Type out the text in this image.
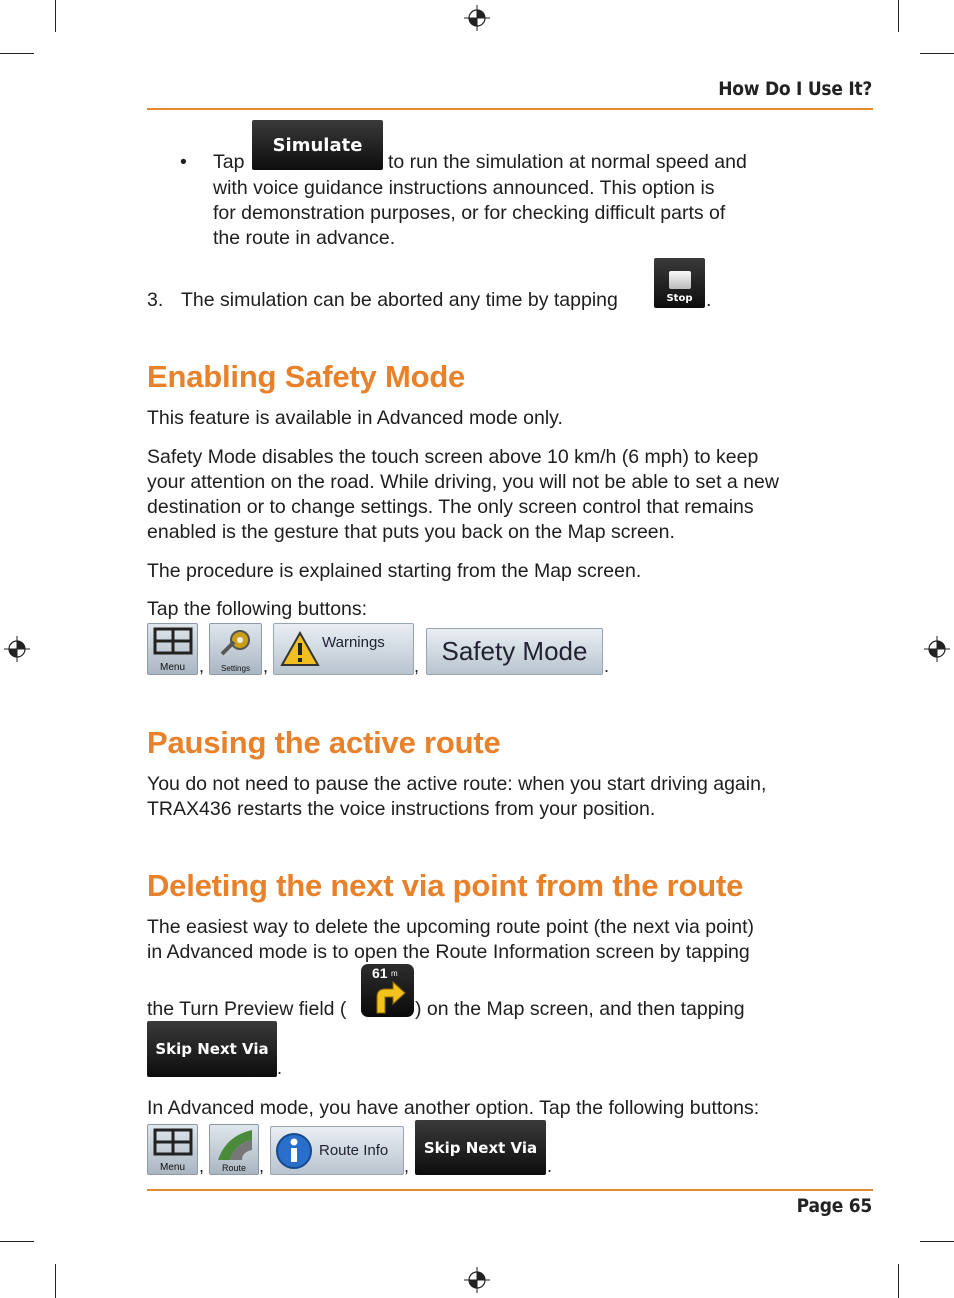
How Do I Use It?
• Tap
Simulate
to run the simulation at normal speed and
with voice guidance instructions announced. This option is
for demonstration purposes, or for checking difficult parts of
the route in advance.
3. The simulation can be aborted any time by tapping	Stop .
Enabling Safety Mode
This feature is available in Advanced mode only.
Safety Mode disables the touch screen above 10 km/h (6 mph) to keep
your attention on the road. While driving, you will not be able to set a new
destination or to change settings. The only screen control that remains
enabled is the gesture that puts you back on the Map screen.
The procedure is explained starting from the Map screen.
Tap the following buttons:
Menu ,	Settings ,
Warnings
, Safety Mode .
Pausing the active route
You do not need to pause the active route: when you start driving again,
TRAX436 restarts the voice instructions from your position.
Deleting the next via point from the route
The easiest way to delete the upcoming route point (the next via point)
in Advanced mode is to open the Route Information screen by tapping
the Turn Preview field (
61 m
) on the Map screen, and then tapping
Skip Next Via
.
In Advanced mode, you have another option. Tap the following buttons:
Menu ,	Route ,
Route Info
,
Skip Next Via
.
Page 65
